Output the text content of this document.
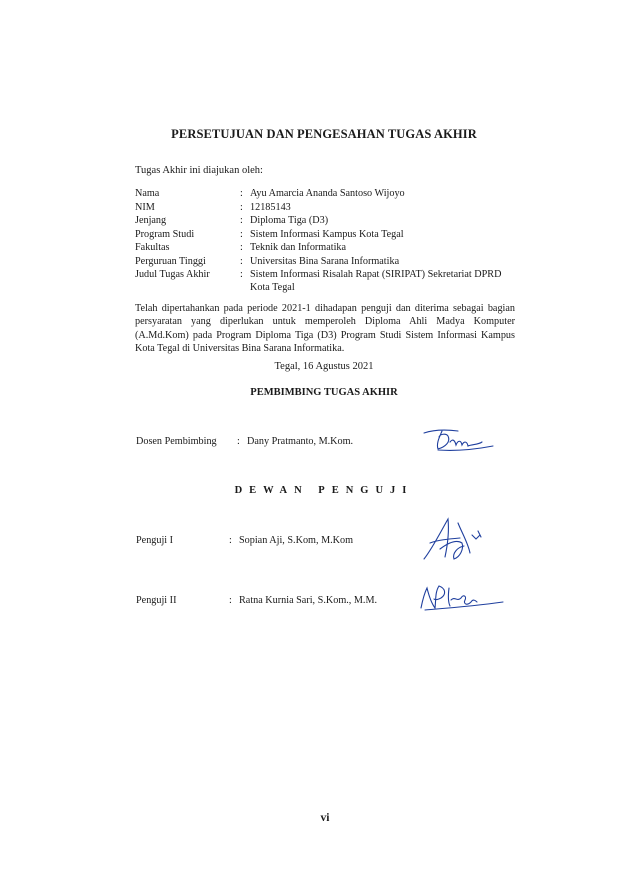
PERSETUJUAN DAN PENGESAHAN TUGAS AKHIR
Tugas Akhir ini diajukan oleh:
Nama	: Ayu Amarcia Ananda Santoso Wijoyo
NIM	: 12185143
Jenjang	: Diploma Tiga (D3)
Program Studi	: Sistem Informasi Kampus Kota Tegal
Fakultas	: Teknik dan Informatika
Perguruan Tinggi	: Universitas Bina Sarana Informatika
Judul Tugas Akhir	: Sistem Informasi Risalah Rapat (SIRIPAT) Sekretariat DPRD
Kota Tegal
Telah dipertahankan pada periode 2021-1 dihadapan penguji dan diterima sebagai bagian
persyaratan yang diperlukan untuk memperoleh Diploma Ahli Madya Komputer
(A.Md.Kom) pada Program Diploma Tiga (D3) Program Studi Sistem Informasi Kampus
Kota Tegal di Universitas Bina Sarana Informatika.
Tegal, 16 Agustus 2021
PEMBIMBING TUGAS AKHIR
Dosen Pembimbing : Dany Pratmanto, M.Kom.
DEWAN PENGUJI
Penguji I	: Sopian Aji, S.Kom, M.Kom
Penguji II	: Ratna Kurnia Sari, S.Kom., M.M.
vi
